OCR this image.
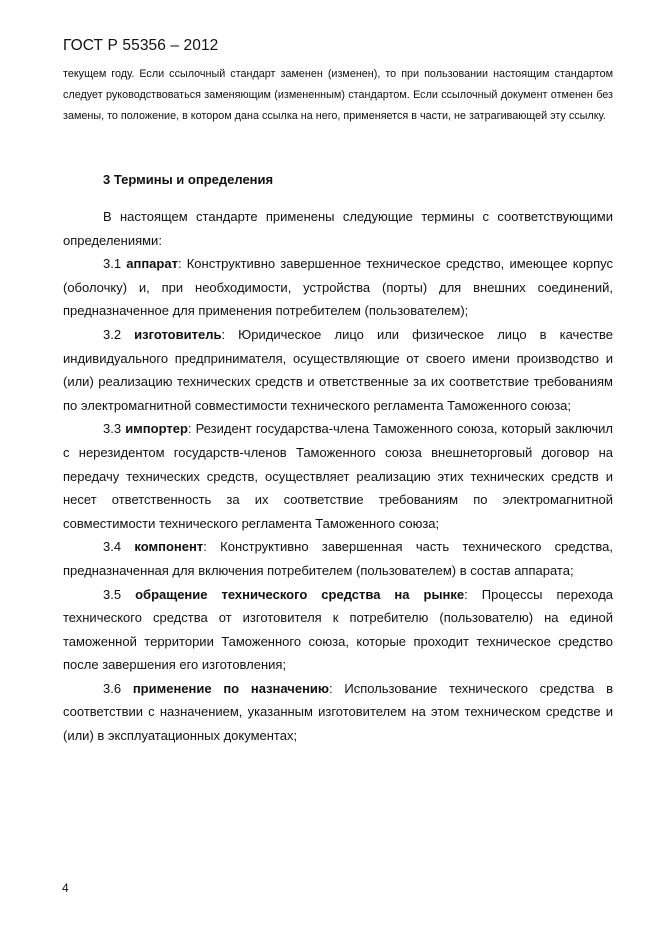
ГОСТ Р 55356 – 2012
текущем году. Если ссылочный стандарт заменен (изменен), то при пользовании настоящим стандартом следует руководствоваться заменяющим (измененным) стандартом. Если ссылочный документ отменен без замены, то положение, в котором дана ссылка на него, применяется в части, не затрагивающей эту ссылку.
3 Термины и определения

В настоящем стандарте применены следующие термины с соответствующими определениями:

3.1 аппарат: Конструктивно завершенное техническое средство, имеющее корпус (оболочку) и, при необходимости, устройства (порты) для внешних соединений, предназначенное для применения потребителем (пользователем);

3.2 изготовитель: Юридическое лицо или физическое лицо в качестве индивидуального предпринимателя, осуществляющие от своего имени производство и (или) реализацию технических средств и ответственные за их соответствие требованиям по электромагнитной совместимости технического регламента Таможенного союза;

3.3 импортер: Резидент государства-члена Таможенного союза, который заключил с нерезидентом государств-членов Таможенного союза внешнеторговый договор на передачу технических средств, осуществляет реализацию этих технических средств и несет ответственность за их соответствие требованиям по электромагнитной совместимости технического регламента Таможенного союза;

3.4 компонент: Конструктивно завершенная часть технического средства, предназначенная для включения потребителем (пользователем) в состав аппарата;

3.5 обращение технического средства на рынке: Процессы перехода технического средства от изготовителя к потребителю (пользователю) на единой таможенной территории Таможенного союза, которые проходит техническое средство после завершения его изготовления;

3.6 применение по назначению: Использование технического средства в соответствии с назначением, указанным изготовителем на этом техническом средстве и (или) в эксплуатационных документах;

4
